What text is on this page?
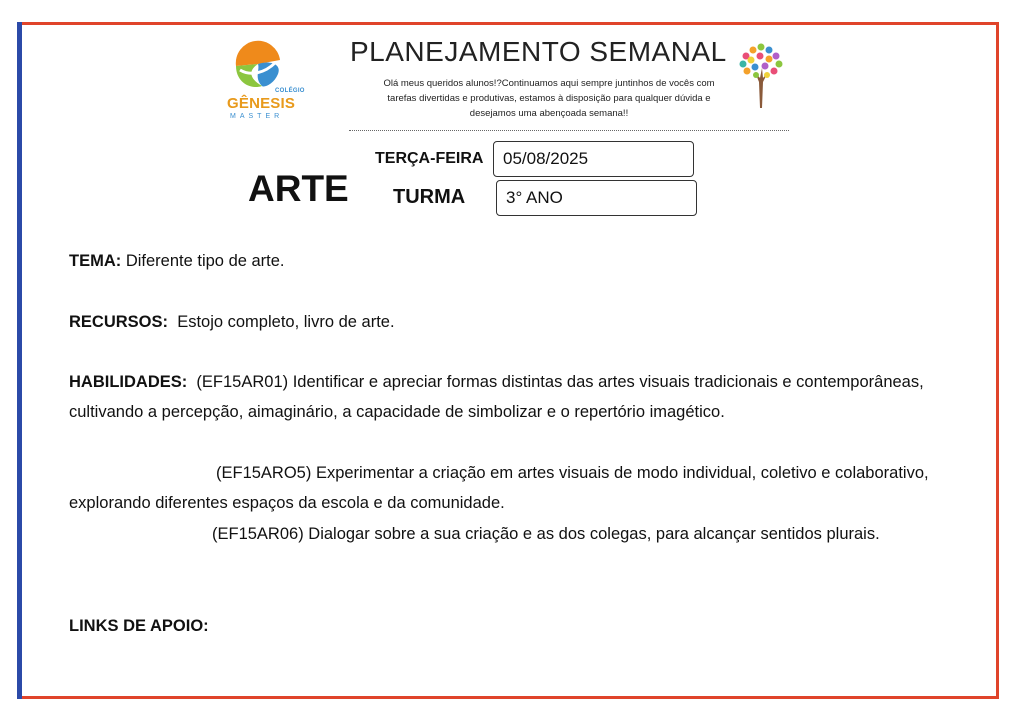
COLÉGIO
GÊNESIS
MASTER
PLANEJAMENTO SEMANAL
Olá meus queridos alunos!?Continuamos aqui sempre juntinhos de vocês com tarefas divertidas e produtivas, estamos à disposição para qualquer dúvida e desejamos uma abençoada semana!!
ARTE
TERÇA-FEIRA	05/08/2025
TURMA	3° ANO
TEMA: Diferente tipo de arte.
RECURSOS: Estojo completo, livro de arte.
HABILIDADES: (EF15AR01) Identificar e apreciar formas distintas das artes visuais tradicionais e contemporâneas, cultivando a percepção, aimaginário, a capacidade de simbolizar e o repertório imagético.
(EF15ARO5) Experimentar a criação em artes visuais de modo individual, coletivo e colaborativo, explorando diferentes espaços da escola e da comunidade.
(EF15AR06) Dialogar sobre a sua criação e as dos colegas, para alcançar sentidos plurais.
LINKS DE APOIO:
